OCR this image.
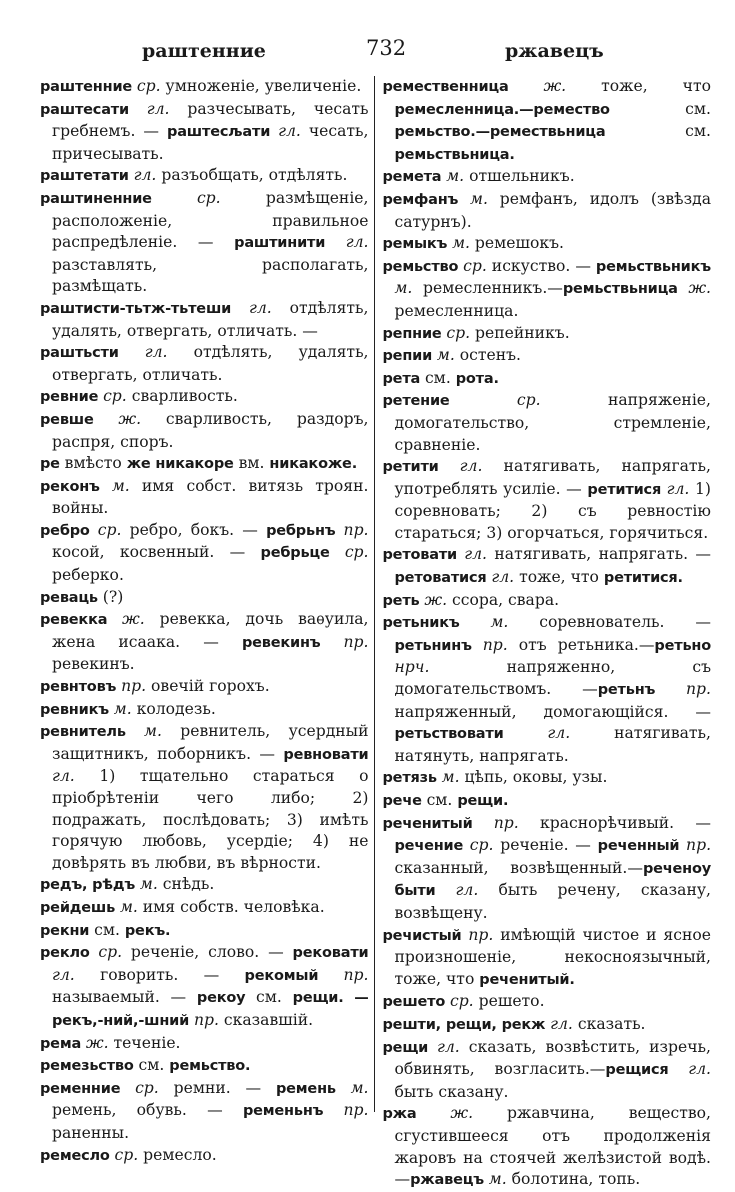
раштенние	732	ржавецъ
раштенние ср. умноженіе, увеличеніе.
раштесати гл. разчесывать, чесать гребнемъ. — раштесљати гл. чесать, причесывать.
раштетати гл. разъобщать, отдѣлять.
раштиненние ср. размѣщеніе, расположеніе, правильное распредѣленіе. — раштинити гл. разставлять, располагать, размѣщать.
раштисти-тьтж-тьтеши гл. отдѣлять, удалять, отвергать, отличать. —
раштьсти гл. отдѣлять, удалять, отвергать, отличать.
ревние ср. сварливость.
ревше ж. сварливость, раздоръ, распря, споръ.
ре вмѣсто же никакоре вм. никакоже.
реконъ м. имя собст. витязь троян. войны.
ребро ср. ребро, бокъ. — ребрьнъ пр. косой, косвенный. — ребрьце ср. реберко.
реваць (?)
ревекка ж. ревекка, дочь ваѳуила, жена исаака. — ревекинъ пр. ревекинъ.
ревнтовъ пр. овечій горохъ.
ревникъ м. колодезь.
ревнитель м. ревнитель, усердный защитникъ, поборникъ. — ревновати гл. 1) тщательно стараться о пріобрѣтеніи чего либо; 2) подражать, послѣдовать; 3) имѣть горячую любовь, усердіе; 4) не довѣрять въ любви, въ вѣрности.
редъ, рѣдъ м. снѣдь.
рейдешь м. имя собств. человѣка.
рекни см. рекъ.
рекло ср. реченіе, слово. — рековати гл. говорить. — рекомый пр. называемый. — рекоу см. рещи. — рекъ,-ний,-шний пр. сказавшій.
рема ж. теченіе.
ремезьство см. ремьство.
ременние ср. ремни. — ремень м. ремень, обувь. — ременьнъ пр. раненны.
ремесло ср. ремесло.
ремественница ж. тоже, что ремесленница.—ремество см. ремьство.—ремествьница см. ремьствьница.
ремета м. отшельникъ.
ремфанъ м. ремфанъ, идолъ (звѣзда сатурнъ).
ремыкъ м. ремешокъ.
ремьство ср. искуство. — ремьствьникъ м. ремесленникъ.—ремьствьница ж. ремесленница.
репние ср. репейникъ.
репии м. остенъ.
рета см. рота.
ретение ср. напряженіе, домогательство, стремленіе, сравненіе.
ретити гл. натягивать, напрягать, употреблять усиліе. — ретитися гл. 1) соревновать; 2) съ ревностію стараться; 3) огорчаться, горячиться.
ретовати гл. натягивать, напрягать. — ретоватися гл. тоже, что ретитися.
реть ж. ссора, свара.
ретьникъ м. соревнователь. — ретьнинъ пр. отъ ретьника.—ретьно нрч. напряженно, съ домогательствомъ. —ретьнъ пр. напряженный, домогающійся. — ретьствовати гл. натягивать, натянуть, напрягать.
ретязь м. цѣпь, оковы, узы.
рече см. рещи.
реченитый пр. краснорѣчивый. — речение ср. реченіе. — реченный пр. сказанный, возвѣщенный.—реченоу быти гл. быть речену, сказану, возвѣщену.
речистый пр. имѣющій чистое и ясное произношеніе, некосноязычный, тоже, что реченитый.
решето ср. решето.
решти, рещи, рекж гл. сказать.
рещи гл. сказать, возвѣстить, изречь, обвинять, возгласить.—рещися гл. быть сказану.
ржа ж. ржавчина, вещество, сгустившееся отъ продолженія жаровъ на стоячей желѣзистой водѣ.—ржавецъ м. болотина, топь.
